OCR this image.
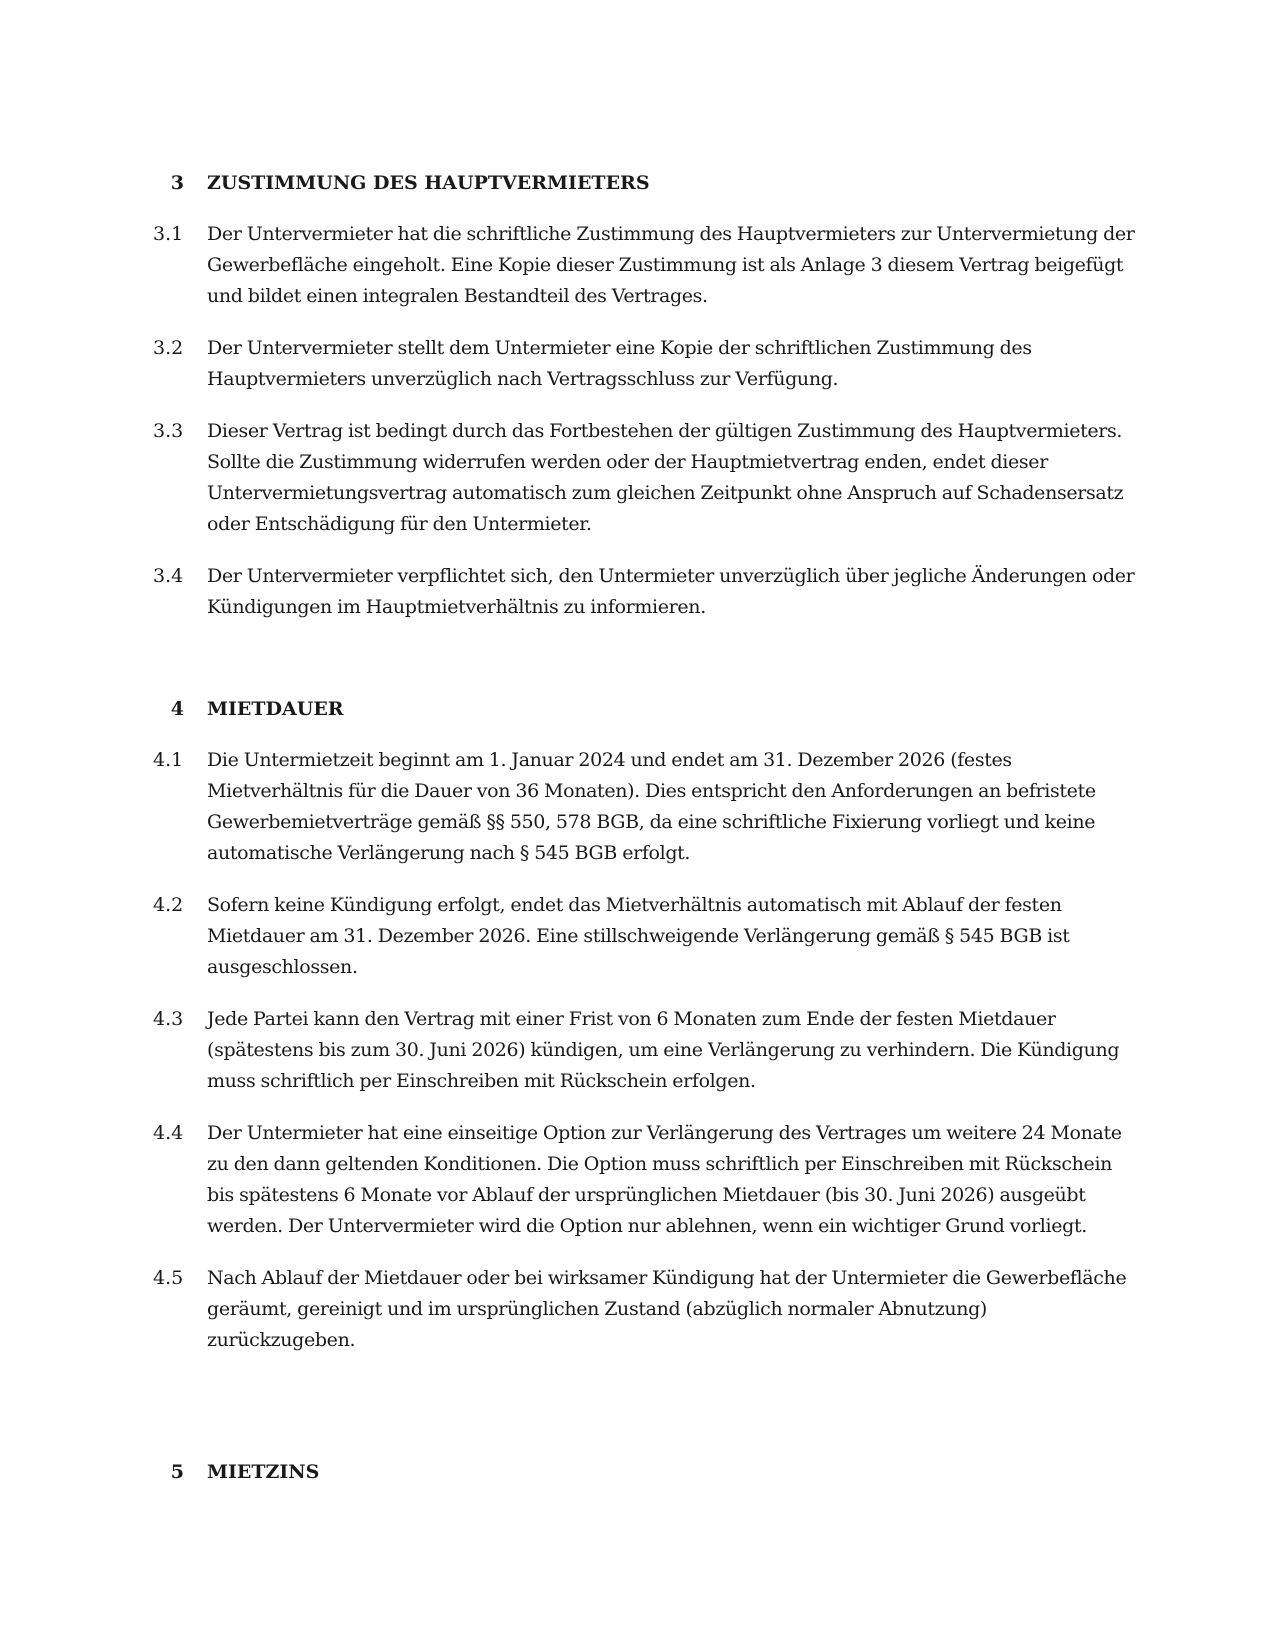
3 ZUSTIMMUNG DES HAUPTVERMIETERS
3.1	Der Untervermieter hat die schriftliche Zustimmung des Hauptvermieters zur Untervermietung der Gewerbefläche eingeholt. Eine Kopie dieser Zustimmung ist als Anlage 3 diesem Vertrag beigefügt und bildet einen integralen Bestandteil des Vertrages.
3.2	Der Untervermieter stellt dem Untermieter eine Kopie der schriftlichen Zustimmung des Hauptvermieters unverzüglich nach Vertragsschluss zur Verfügung.
3.3	Dieser Vertrag ist bedingt durch das Fortbestehen der gültigen Zustimmung des Hauptvermieters. Sollte die Zustimmung widerrufen werden oder der Hauptmietvertrag enden, endet dieser Untervermietungsvertrag automatisch zum gleichen Zeitpunkt ohne Anspruch auf Schadensersatz oder Entschädigung für den Untermieter.
3.4	Der Untervermieter verpflichtet sich, den Untermieter unverzüglich über jegliche Änderungen oder Kündigungen im Hauptmietverhältnis zu informieren.
4 MIETDAUER
4.1	Die Untermietzeit beginnt am 1. Januar 2024 und endet am 31. Dezember 2026 (festes Mietverhältnis für die Dauer von 36 Monaten). Dies entspricht den Anforderungen an befristete Gewerbemietverträge gemäß §§ 550, 578 BGB, da eine schriftliche Fixierung vorliegt und keine automatische Verlängerung nach § 545 BGB erfolgt.
4.2	Sofern keine Kündigung erfolgt, endet das Mietverhältnis automatisch mit Ablauf der festen Mietdauer am 31. Dezember 2026. Eine stillschweigende Verlängerung gemäß § 545 BGB ist ausgeschlossen.
4.3	Jede Partei kann den Vertrag mit einer Frist von 6 Monaten zum Ende der festen Mietdauer (spätestens bis zum 30. Juni 2026) kündigen, um eine Verlängerung zu verhindern. Die Kündigung muss schriftlich per Einschreiben mit Rückschein erfolgen.
4.4	Der Untermieter hat eine einseitige Option zur Verlängerung des Vertrages um weitere 24 Monate zu den dann geltenden Konditionen. Die Option muss schriftlich per Einschreiben mit Rückschein bis spätestens 6 Monate vor Ablauf der ursprünglichen Mietdauer (bis 30. Juni 2026) ausgeübt werden. Der Untervermieter wird die Option nur ablehnen, wenn ein wichtiger Grund vorliegt.
4.5	Nach Ablauf der Mietdauer oder bei wirksamer Kündigung hat der Untermieter die Gewerbefläche geräumt, gereinigt und im ursprünglichen Zustand (abzüglich normaler Abnutzung) zurückzugeben.
5 MIETZINS
